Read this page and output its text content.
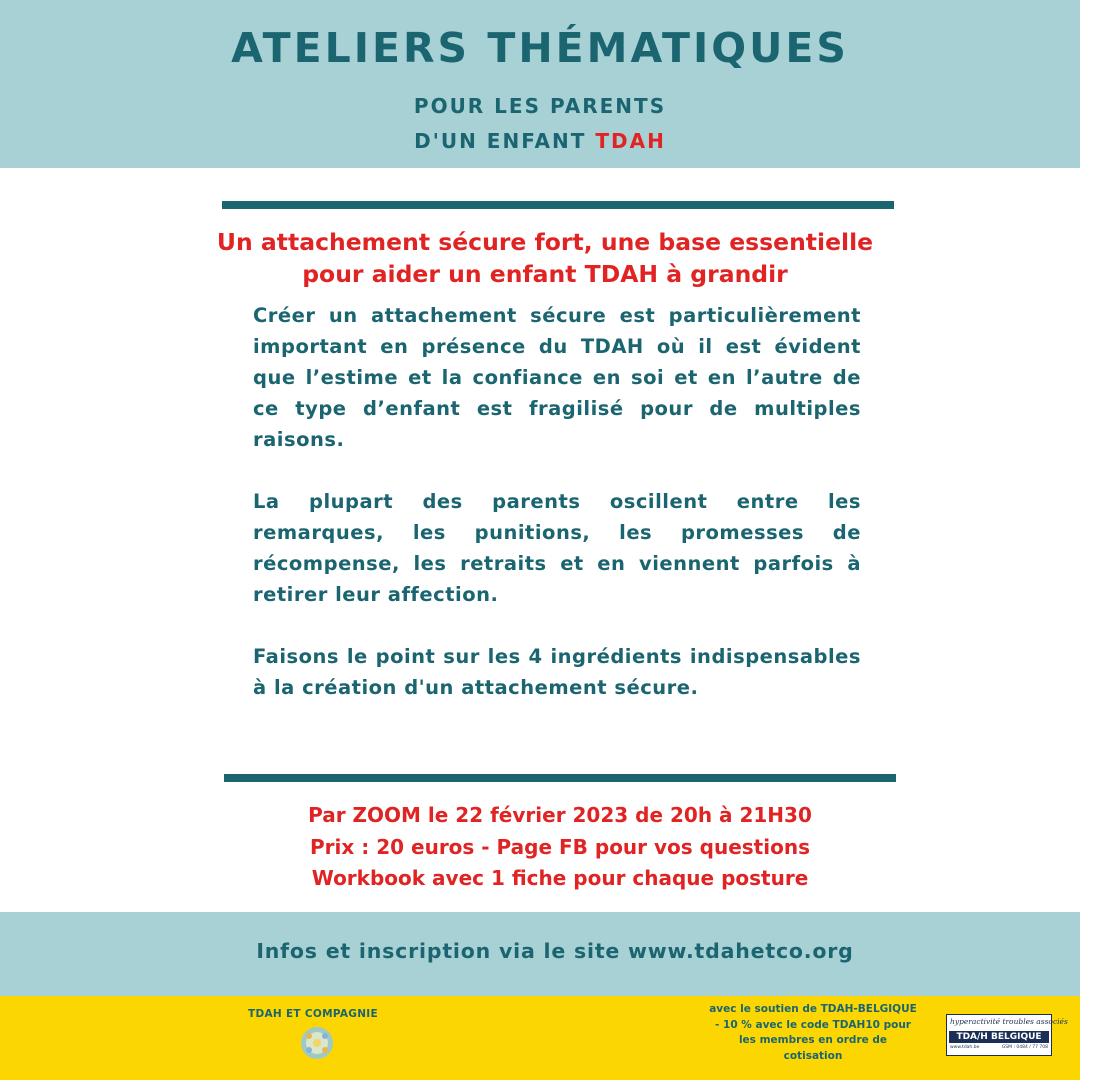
ATELIERS THÉMATIQUES
POUR LES PARENTS
D'UN ENFANT TDAH
Un attachement sécure fort, une base essentielle
pour aider un enfant TDAH à grandir

Créer un attachement sécure est particulièrement important en présence du TDAH où il est évident que l’estime et la confiance en soi et en l’autre de ce type d’enfant est fragilisé pour de multiples raisons.

La plupart des parents oscillent entre les remarques, les punitions, les promesses de récompense, les retraits et en viennent parfois à retirer leur affection.

Faisons le point sur les 4 ingrédients indispensables à la création d'un attachement sécure.

Par ZOOM le 22 février 2023 de 20h à 21H30
Prix : 20 euros - Page FB pour vos questions
Workbook avec 1 fiche pour chaque posture
Infos et inscription via le site www.tdahetco.org
TDAH ET COMPAGNIE	avec le soutien de TDAH-BELGIQUE
- 10 % avec le code TDAH10 pour
les membres en ordre de
cotisation
hyperactivité troubles associés
TDA/H BELGIQUE
www.tdah.be	GSM : 0484 / 77 708
